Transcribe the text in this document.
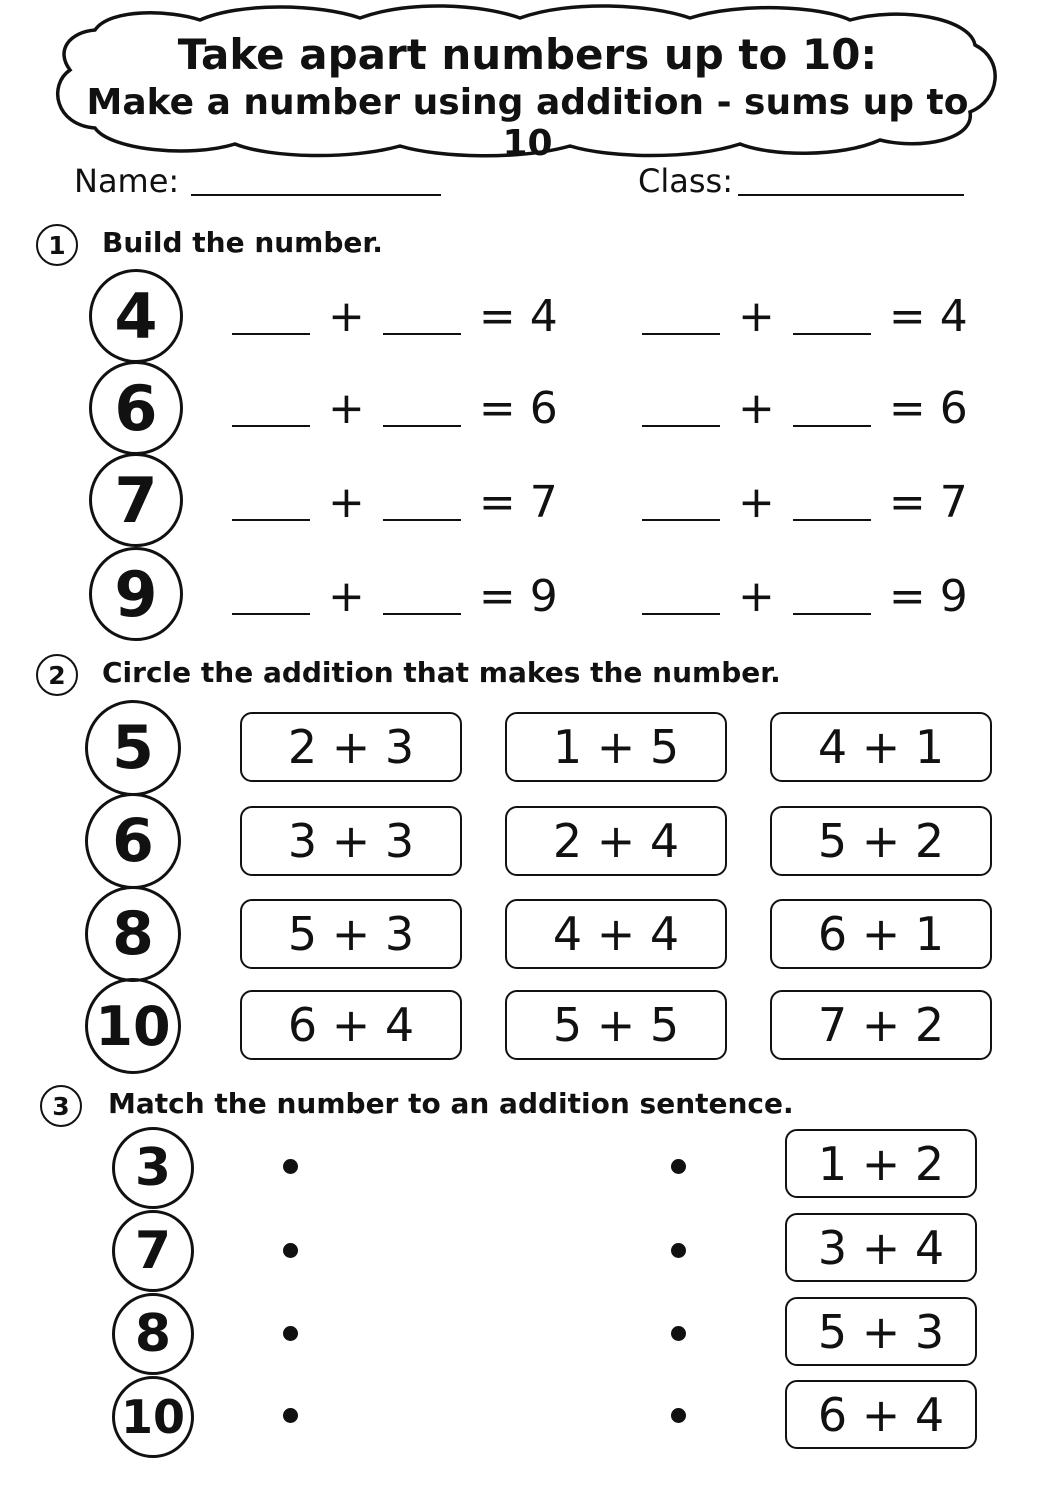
Take apart numbers up to 10:
Make a number using addition - sums up to 10
Name:	Class:
1	Build the number.
4	+	= 4	+	= 4
6	+	= 6	+	= 6
7	+	= 7	+	= 7
9	+	= 9	+	= 9
2	Circle the addition that makes the number.
5	2 + 3	1 + 5	4 + 1
6	3 + 3	2 + 4	5 + 2
8	5 + 3	4 + 4	6 + 1
10	6 + 4	5 + 5	7 + 2
3	Match the number to an addition sentence.
3	1 + 2
7	3 + 4
8	5 + 3
10	6 + 4
